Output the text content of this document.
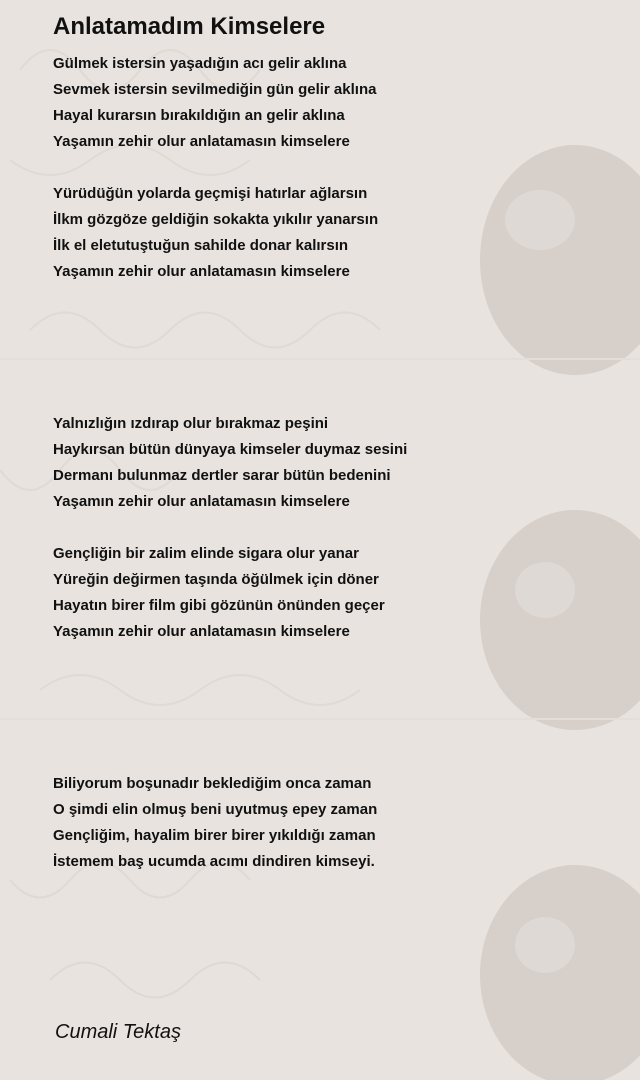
Anlatamadım Kimselere
Gülmek istersin yaşadığın acı gelir aklına
Sevmek istersin sevilmediğin gün gelir aklına
Hayal kurarsın bırakıldığın an gelir aklına
Yaşamın zehir olur anlatamasın kimselere
Yürüdüğün yolarda geçmişi hatırlar ağlarsın
İlkm gözgöze geldiğin sokakta yıkılır yanarsın
İlk el eletutuştuğun sahilde donar kalırsın
Yaşamın zehir olur anlatamasın kimselere
Yalnızlığın ızdırap olur bırakmaz peşini
Haykırsan bütün dünyaya kimseler duymaz sesini
Dermanı bulunmaz dertler sarar bütün bedenini
Yaşamın zehir olur anlatamasın kimselere
Gençliğin bir zalim elinde sigara olur yanar
Yüreğin değirmen taşında öğülmek için döner
Hayatın birer film gibi gözünün önünden geçer
Yaşamın zehir olur anlatamasın kimselere
Biliyorum boşunadır beklediğim onca zaman
O şimdi elin olmuş beni uyutmuş epey zaman
Gençliğim, hayalim birer birer yıkıldığı zaman
İstemem baş ucumda acımı dindiren kimseyi.
Cumali Tektaş
